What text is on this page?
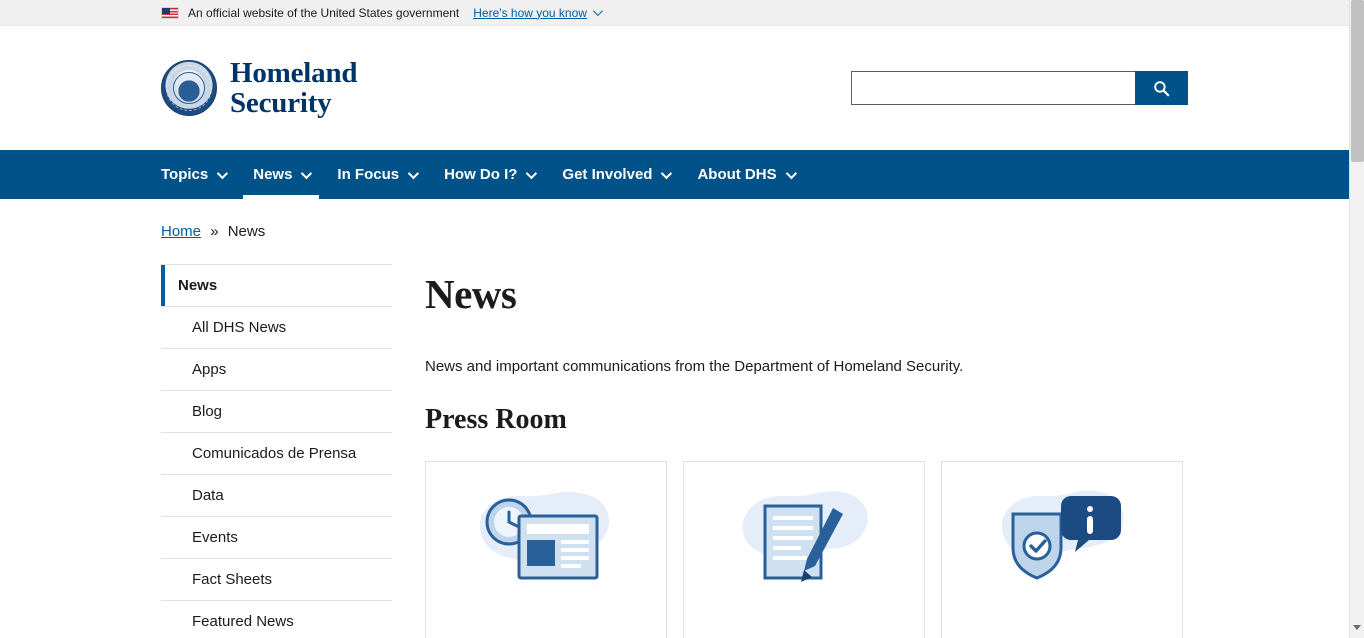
An official website of the United States government Here's how you know
Homeland
Security
Topics	News	In Focus	How Do I?	Get Involved	About DHS
Home » News
News
All DHS News
Apps
Blog
Comunicados de Prensa
Data
Events
Fact Sheets
Featured News
News

News and important communications from the Department of Homeland Security.

Press Room
